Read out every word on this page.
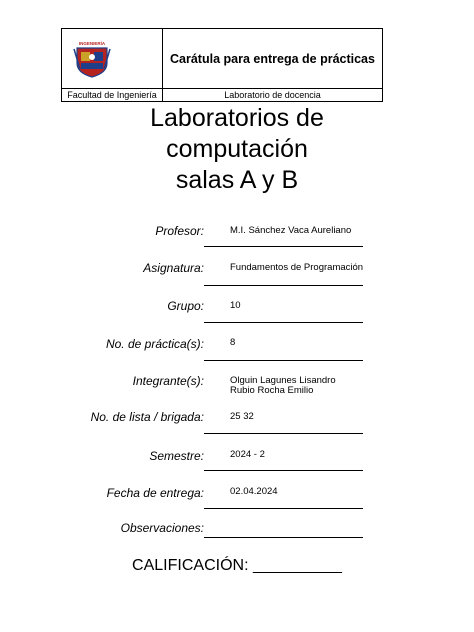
INGENIERÍA
Carátula para entrega de prácticas
Facultad de Ingeniería	Laboratorio de docencia
Laboratorios de
computación
salas A y B
Profesor:	M.I. Sánchez Vaca Aureliano
Asignatura:	Fundamentos de Programación
Grupo:	10
No. de práctica(s):	8
Integrante(s):	Olguin Lagunes Lisandro
Rubio Rocha Emilio
No. de lista / brigada:	25 32
Semestre:	2024 - 2
Fecha de entrega:	02.04.2024
Observaciones:
CALIFICACIÓN: __________
